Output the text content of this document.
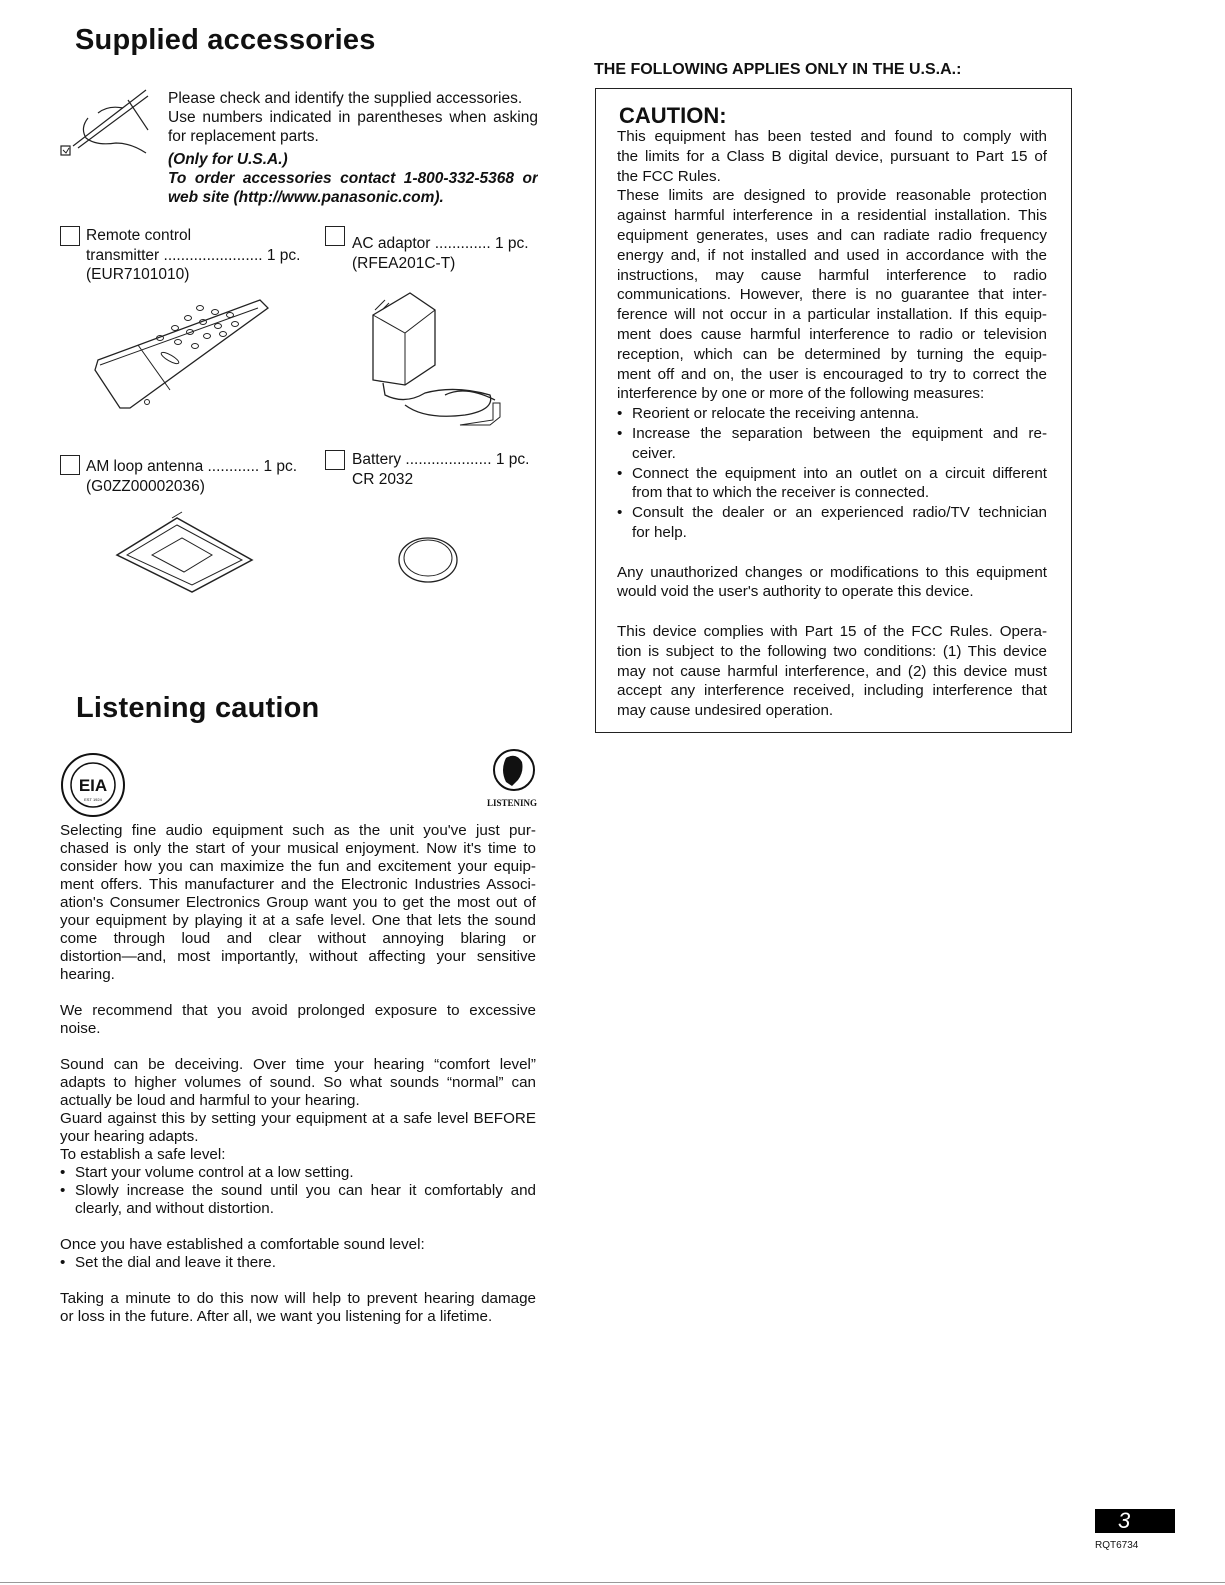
Supplied accessories
Please check and identify the supplied accessories.
Use numbers indicated in parentheses when asking
for replacement parts.
(Only for U.S.A.)
To order accessories contact 1-800-332-5368 or
web site (http://www.panasonic.com).
Remote control
transmitter ....................... 1 pc.
(EUR7101010)
AC adaptor ............. 1 pc.
(RFEA201C-T)
AM loop antenna ............ 1 pc.
(G0ZZ00002036)
Battery .................... 1 pc.
CR 2032
Listening caution
EIA
EST 1924	LISTENING
Selecting fine audio equipment such as the unit you've just pur-
chased is only the start of your musical enjoyment. Now it's time to
consider how you can maximize the fun and excitement your equip-
ment offers. This manufacturer and the Electronic Industries Associ-
ation's Consumer Electronics Group want you to get the most out of
your equipment by playing it at a safe level. One that lets the sound
come through loud and clear without annoying blaring or
distortion—and, most importantly, without affecting your sensitive
hearing.
We recommend that you avoid prolonged exposure to excessive
noise.
Sound can be deceiving. Over time your hearing “comfort level”
adapts to higher volumes of sound. So what sounds “normal” can
actually be loud and harmful to your hearing.
Guard against this by setting your equipment at a safe level BEFORE
your hearing adapts.
To establish a safe level:
• Start your volume control at a low setting.
• Slowly increase the sound until you can hear it comfortably and
clearly, and without distortion.
Once you have established a comfortable sound level:
• Set the dial and leave it there.
Taking a minute to do this now will help to prevent hearing damage
or loss in the future. After all, we want you listening for a lifetime.
THE FOLLOWING APPLIES ONLY IN THE U.S.A.:
CAUTION:
This equipment has been tested and found to comply with
the limits for a Class B digital device, pursuant to Part 15 of
the FCC Rules.
These limits are designed to provide reasonable protection
against harmful interference in a residential installation. This
equipment generates, uses and can radiate radio frequency
energy and, if not installed and used in accordance with the
instructions, may cause harmful interference to radio
communications. However, there is no guarantee that inter-
ference will not occur in a particular installation. If this equip-
ment does cause harmful interference to radio or television
reception, which can be determined by turning the equip-
ment off and on, the user is encouraged to try to correct the
interference by one or more of the following measures:
• Reorient or relocate the receiving antenna.
• Increase the separation between the equipment and re-
ceiver.
• Connect the equipment into an outlet on a circuit different
from that to which the receiver is connected.
• Consult the dealer or an experienced radio/TV technician
for help.
Any unauthorized changes or modifications to this equipment
would void the user's authority to operate this device.
This device complies with Part 15 of the FCC Rules. Opera-
tion is subject to the following two conditions: (1) This device
may not cause harmful interference, and (2) this device must
accept any interference received, including interference that
may cause undesired operation.
3
RQT6734
